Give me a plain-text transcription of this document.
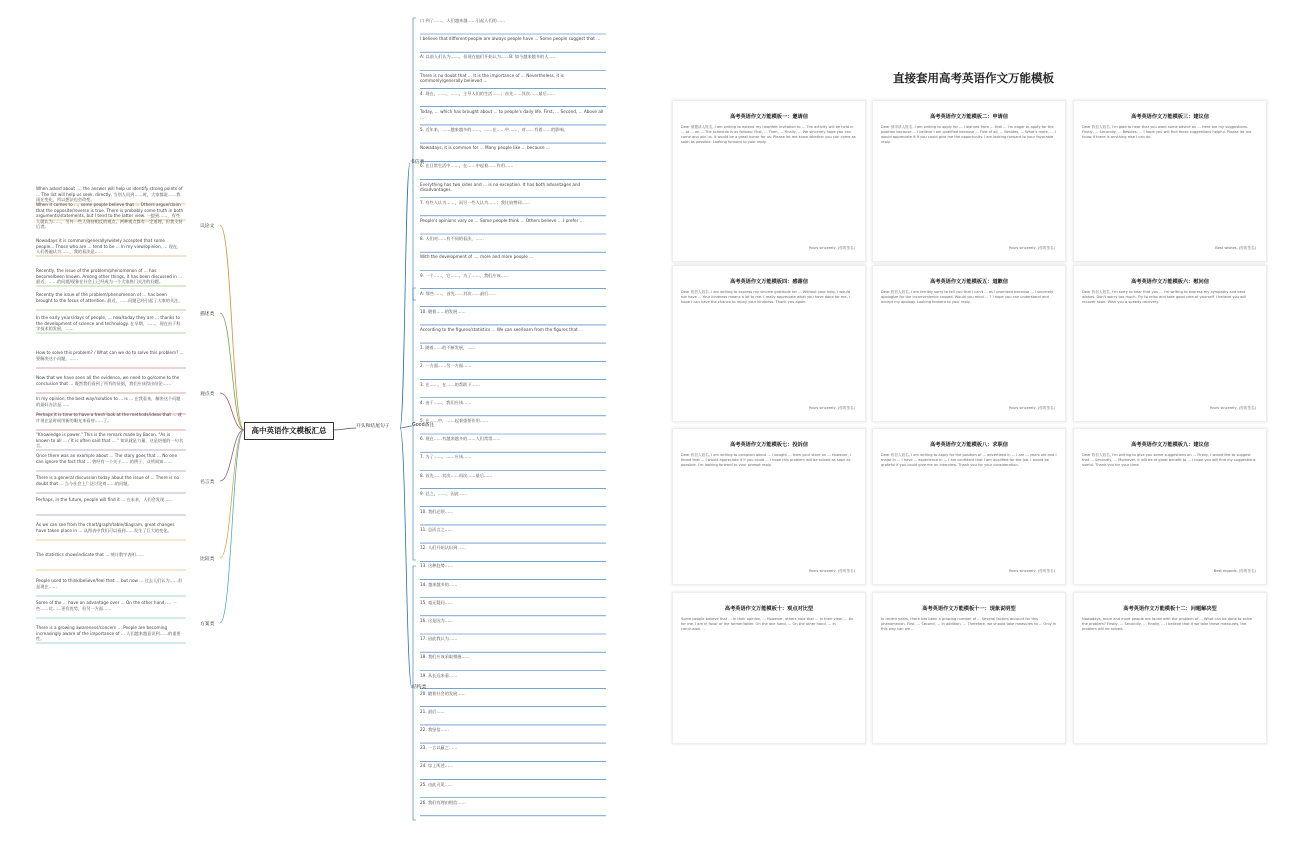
高中英语作文模板汇总	开头和结尾句子
书信类
Good备注
结构类
议论文
描述类
观点类
名言类
比较类
方案类
When asked about ..., the answer will help us identify strong points of ... The list will help us seek, directly, 当别人问到……时，大家都说……我国在变化，所以想法也会改变。
When it comes to ..., some people believe that ... Others argue/claim that the opposite/reverse is true. There is probably some truth in both arguments/statements, but I tend to the latter view. 一提到……，有些人就认为……，另外一些人则持相反的观点，两种观点都有一定道理，但我支持后者。
Nowadays it is common/generally/widely accepted that some people... Those who are ... tend to be ... In my view/opinion, ... 现在，人们普遍认为……，我的看法是……
Recently, the issue of the problem/phenomenon of ... has become/been known. Among other things, it has been discussed in ... 最近，……的问题/现象在社会上已经成为一个大家热门关注的问题。
Recently the issue of the problem/phenomenon of ... has been brought to the focus of attention. 最近，……问题已经引起了大家的关注。
In the early years/days of people, ... now/today they are ... thanks to the development of science and technology. 在早期，……，现在由于科学技术的发展，……
How to solve this problem? / What can we do to solve this problem? ... 要解决这个问题，……
Now that we have seen all the evidence, we need to go/come to the conclusion that ... 既然我们看到了所有的证据，我们应该得出结论……
In my opinion, the best way/solution to ... is ... 在我看来，解决这个问题的最好办法是……
Perhaps it is time to have a fresh look at the methods/ideas that ... 或许现在是时候用新的眼光来看待……了。
"Knowledge is power." This is the remark made by Bacon. "As is known to all ... / It is often said that ... " 知识就是力量，这是培根的一句名言。
Once there was an example about ... The story goes that ... No one can ignore the fact that ... 曾经有一个关于……的例子，众所周知……
There is a general discussion today about the issue of ... There is no doubt that ... 当今社会上广泛讨论着……的问题。
Perhaps, in the future, people will find it ... 在未来，人们会发现……
As we can see from the chart/graph/table/diagram, great changes have taken place in ... 从图表中我们可以看到……发生了巨大的变化。
The statistics show/indicate that ... 统计数字表明……
People used to think/believe/feel that ... but now ... 过去人们认为……但是现在……
Some of the ... have an advantage over ... On the other hand, ... 一些……比……更有优势，但另一方面……
There is a growing awareness/concern ... People are becoming increasingly aware of the importance of ... 人们越来越意识到……的重要性。
口 到了……，人们越来越……引起人们的……
I believe that different people are always people have ... Some people suggest that ...
A: 以前人们认为……，但现在他们开始认为……B: 如今越来越多的人……
There is no doubt that ... It is the importance of ... Nevertheless, it is commonly/generally believed ...
4. 现在，……，……，主导人们的生活……；首先……其次……最后……
Today, ... which has brought about ... to people's daily life. First, ... Second, ... Above all ...
5. 近年来，……越来越多的……，……在……中……，对……有着……的影响。
Nowadays, it is common for ... Many people like ... because ...
6. 在日常生活中……，在……中起着……作用……
Everything has two sides and ... is no exception. It has both advantages and disadvantages.
7. 有些人认为……，而另一些人认为……；我比较赞同……
People's opinions vary on ... Some people think ... Others believe ... I prefer ...
8. 人们对……有不同的看法，……
With the development of ..., more and more people ...
9. 一个……，它……，为了……，我们应该……
A: 那些……，首先……其次……最后……
10. 随着……的发展……
According to the figures/statistics ... We can see/learn from the figures that ...
1. 随着……的不断发展，……
2. 一方面……另一方面……
3. 在……，在……的帮助下……
4. 由于……，我们应该……
5. 在……中，……起着重要作用……
6. 现在……有越来越多的……人们常常……
7. 为了……，……应该……
8. 首先……其次……再次……最后……
9. 总之，……，因此……
10. 我们必须……
11. 总而言之……
12. 人们开始认识到……
13. 这种趋势……
14. 越来越多的……
15. 毫无疑问……
16. 这是因为……
17. 因此我认为……
18. 我们应该采取措施……
19. 从长远来看……
20. 随着社会的发展……
21. 最后……
22. 我坚信……
23. 一言以蔽之……
24. 综上所述……
25. 由此可见……
26. 我们有理由相信……
直接套用高考英语作文万能模板
高考英语作文万能模板一：邀请信
Dear 被邀请人姓名, I am writing to extend my heartfelt invitation to ... The activity will be held in ... at ... on ... The schedule is as follows: First, ... Then, ... Finally, ... We sincerely hope you can come and join us. It would be a great honor for us. Please let me know whether you can come as soon as possible. Looking forward to your reply.
Yours sincerely, (你的签名)
高考英语作文万能模板二：申请信
Dear 被申请人姓名, I am writing to apply for ... I learned from ... that ... I'm eager to apply for the position because ... I believe I am qualified because ... First of all, ... Besides, ... What's more, ... I would appreciate it if you could give me the opportunity. I am looking forward to your favorable reply.
Yours sincerely, (你的签名)
高考英语作文万能模板三：建议信
Dear 收信人姓名, I'm glad to hear that you want some advice on ... Here are my suggestions. Firstly, ... Secondly, ... Besides, ... I hope you will find these suggestions helpful. Please let me know if there is anything else I can do.
Best wishes, (你的签名)
高考英语作文万能模板四：感谢信
Dear 收信人姓名, I am writing to express my sincere gratitude for ... Without your help, I would not have ... Your kindness means a lot to me. I really appreciate what you have done for me. I hope I can have the chance to repay your kindness. Thank you again.
Yours sincerely, (你的签名)
高考英语作文万能模板五：道歉信
Dear 收信人姓名, I am terribly sorry to tell you that I can't ... as I promised because ... I sincerely apologize for the inconvenience caused. Would you mind ... ? I hope you can understand and accept my apology. Looking forward to your reply.
Yours sincerely, (你的签名)
高考英语作文万能模板六：慰问信
Dear 收信人姓名, I'm sorry to hear that you ... I'm writing to express my sympathy and best wishes. Don't worry too much. Try to relax and take good care of yourself. I believe you will recover soon. Wish you a speedy recovery.
Yours sincerely, (你的签名)
高考英语作文万能模板七：投诉信
Dear 收信人姓名, I am writing to complain about ... I bought ... from your store on ... However, I found that ... I would appreciate it if you could ... I hope this problem will be solved as soon as possible. I'm looking forward to your prompt reply.
Yours sincerely, (你的签名)
高考英语作文万能模板八：求职信
Dear 收信人姓名, I am writing to apply for the position of ... advertised in ... I am ... years old and I major in ... I have ... experience in ... I am confident that I am qualified for the job. I would be grateful if you could give me an interview. Thank you for your consideration.
Yours sincerely, (你的签名)
高考英语作文万能模板九：建议信
Dear 收信人姓名, I'm writing to give you some suggestions on ... Firstly, I would like to suggest that ... Secondly, ... Moreover, it will be of great benefit to ... I hope you will find my suggestions useful. Thank you for your time.
Best regards, (你的签名)
高考英语作文万能模板十：观点对比型
Some people believe that ... In their opinion, ... However, others hold that ... In their view, ... As for me, I am in favor of the former/latter. On the one hand, ... On the other hand, ... In conclusion, ...
高考英语作文万能模板十一：现象说明型
In recent years, there has been a growing number of ... Several factors account for this phenomenon. First, ... Second, ... In addition, ... Therefore, we should take measures to ... Only in this way can we ...
高考英语作文万能模板十二：问题解决型
Nowadays, more and more people are faced with the problem of ... What can be done to solve the problem? Firstly, ... Secondly, ... Finally, ... I believe that if we take these measures, the problem will be solved.
